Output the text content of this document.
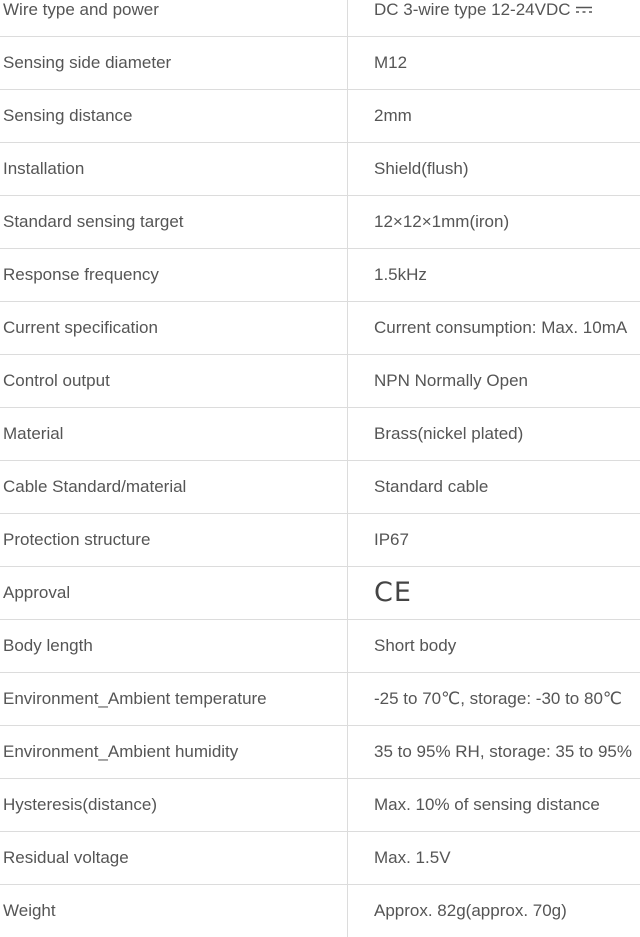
Wire type and power	DC 3-wire type 12-24VDC
Sensing side diameter	M12
Sensing distance	2mm
Installation	Shield(flush)
Standard sensing target	12×12×1mm(iron)
Response frequency	1.5kHz
Current specification	Current consumption: Max. 10mA
Control output	NPN Normally Open
Material	Brass(nickel plated)
Cable Standard/material	Standard cable
Protection structure	IP67
Approval	CE
Body length	Short body
Environment_Ambient temperature	-25 to 70℃, storage: -30 to 80℃
Environment_Ambient humidity	35 to 95% RH, storage: 35 to 95%
Hysteresis(distance)	Max. 10% of sensing distance
Residual voltage	Max. 1.5V
Weight	Approx. 82g(approx. 70g)
